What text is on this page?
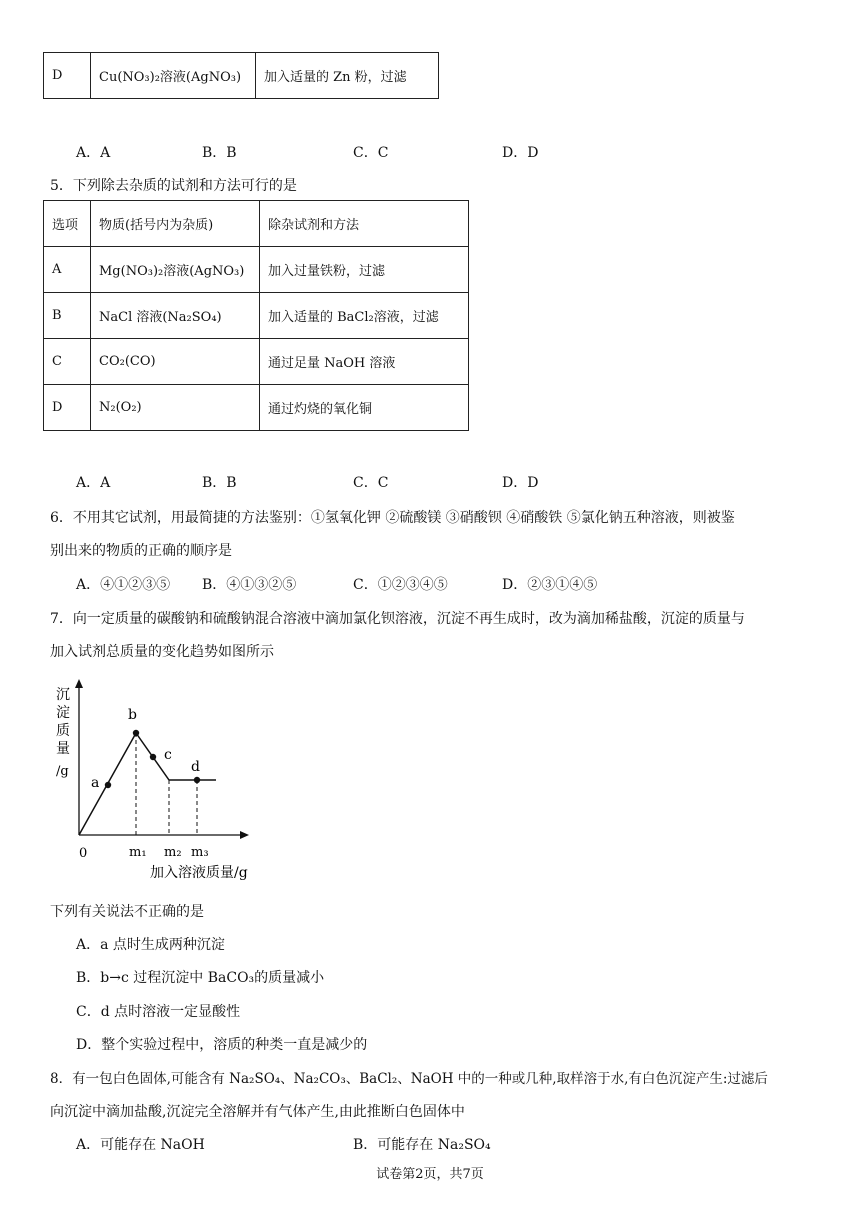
D	Cu(NO₃)₂溶液(AgNO₃)	加入适量的 Zn 粉，过滤
A．A	B．B	C．C	D．D
5．下列除去杂质的试剂和方法可行的是
选项	物质(括号内为杂质)	除杂试剂和方法
A	Mg(NO₃)₂溶液(AgNO₃)	加入过量铁粉，过滤
B	NaCl 溶液(Na₂SO₄)	加入适量的 BaCl₂溶液，过滤
C	CO₂(CO)	通过足量 NaOH 溶液
D	N₂(O₂)	通过灼烧的氧化铜
A．A	B．B	C．C	D．D
6．不用其它试剂，用最简捷的方法鉴别：①氢氧化钾 ②硫酸镁 ③硝酸钡 ④硝酸铁 ⑤氯化钠五种溶液，则被鉴
别出来的物质的正确的顺序是
A．④①②③⑤ B．④①③②⑤	C．①②③④⑤	D．②③①④⑤
7．向一定质量的碳酸钠和硫酸钠混合溶液中滴加氯化钡溶液，沉淀不再生成时，改为滴加稀盐酸，沉淀的质量与
加入试剂总质量的变化趋势如图所示
沉
淀
质
量
/g
a
b
c
d
0	m₁ m₂ m₃
加入溶液质量/g
下列有关说法不正确的是
A．a 点时生成两种沉淀
B．b→c 过程沉淀中 BaCO₃的质量减小
C．d 点时溶液一定显酸性
D．整个实验过程中，溶质的种类一直是减少的
8．有一包白色固体,可能含有 Na₂SO₄、Na₂CO₃、BaCl₂、NaOH 中的一种或几种,取样溶于水,有白色沉淀产生:过滤后
向沉淀中滴加盐酸,沉淀完全溶解并有气体产生,由此推断白色固体中
A．可能存在 NaOH	B．可能存在 Na₂SO₄
试卷第2页，共7页
